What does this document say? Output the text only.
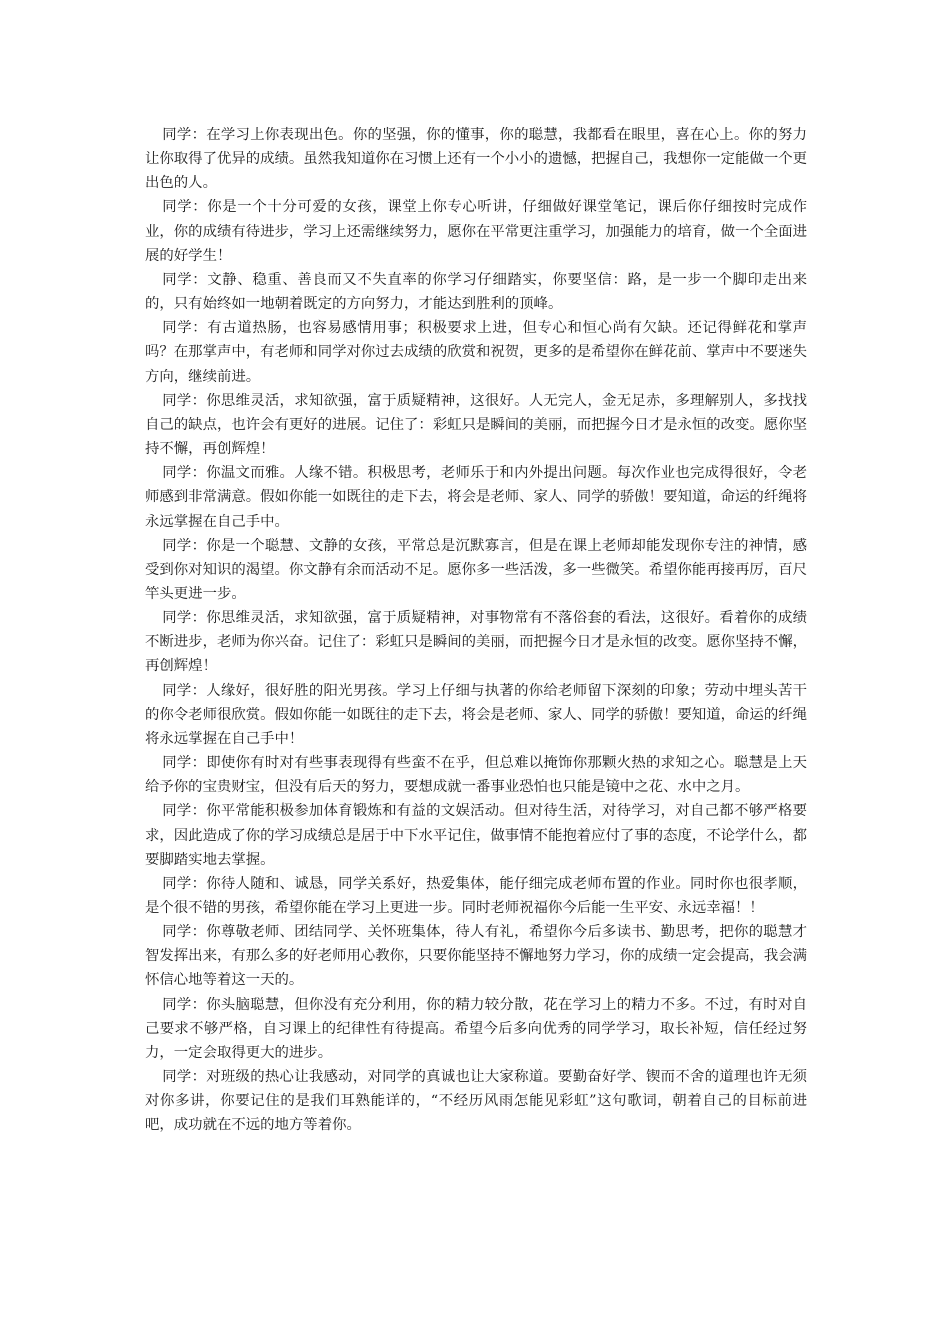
同学：在学习上你表现出色。你的坚强，你的懂事，你的聪慧，我都看在眼里，喜在心上。你的努力让你取得了优异的成绩。虽然我知道你在习惯上还有一个小小的遗憾，把握自己，我想你一定能做一个更出色的人。

同学：你是一个十分可爱的女孩，课堂上你专心听讲，仔细做好课堂笔记，课后你仔细按时完成作业，你的成绩有待进步，学习上还需继续努力，愿你在平常更注重学习，加强能力的培育，做一个全面进展的好学生！

同学：文静、稳重、善良而又不失直率的你学习仔细踏实，你要坚信：路，是一步一个脚印走出来的，只有始终如一地朝着既定的方向努力，才能达到胜利的顶峰。

同学：有古道热肠，也容易感情用事；积极要求上进，但专心和恒心尚有欠缺。还记得鲜花和掌声吗？在那掌声中，有老师和同学对你过去成绩的欣赏和祝贺，更多的是希望你在鲜花前、掌声中不要迷失方向，继续前进。

同学：你思维灵活，求知欲强，富于质疑精神，这很好。人无完人，金无足赤，多理解别人，多找找自己的缺点，也许会有更好的进展。记住了：彩虹只是瞬间的美丽，而把握今日才是永恒的改变。愿你坚持不懈，再创辉煌！

同学：你温文而雅。人缘不错。积极思考，老师乐于和内外提出问题。每次作业也完成得很好，令老师感到非常满意。假如你能一如既往的走下去，将会是老师、家人、同学的骄傲！要知道，命运的纤绳将永远掌握在自己手中。

同学：你是一个聪慧、文静的女孩，平常总是沉默寡言，但是在课上老师却能发现你专注的神情，感受到你对知识的渴望。你文静有余而活动不足。愿你多一些活泼，多一些微笑。希望你能再接再厉，百尺竿头更进一步。

同学：你思维灵活，求知欲强，富于质疑精神，对事物常有不落俗套的看法，这很好。看着你的成绩不断进步，老师为你兴奋。记住了：彩虹只是瞬间的美丽，而把握今日才是永恒的改变。愿你坚持不懈，再创辉煌！

同学：人缘好，很好胜的阳光男孩。学习上仔细与执著的你给老师留下深刻的印象；劳动中埋头苦干的你令老师很欣赏。假如你能一如既往的走下去，将会是老师、家人、同学的骄傲！要知道，命运的纤绳将永远掌握在自己手中！

同学：即使你有时对有些事表现得有些蛮不在乎，但总难以掩饰你那颗火热的求知之心。聪慧是上天给予你的宝贵财宝，但没有后天的努力，要想成就一番事业恐怕也只能是镜中之花、水中之月。

同学：你平常能积极参加体育锻炼和有益的文娱活动。但对待生活，对待学习，对自己都不够严格要求，因此造成了你的学习成绩总是居于中下水平记住，做事情不能抱着应付了事的态度，不论学什么，都要脚踏实地去掌握。

同学：你待人随和、诚恳，同学关系好，热爱集体，能仔细完成老师布置的作业。同时你也很孝顺，是个很不错的男孩，希望你能在学习上更进一步。同时老师祝福你今后能一生平安、永远幸福！！

同学：你尊敬老师、团结同学、关怀班集体，待人有礼，希望你今后多读书、勤思考，把你的聪慧才智发挥出来，有那么多的好老师用心教你，只要你能坚持不懈地努力学习，你的成绩一定会提高，我会满怀信心地等着这一天的。

同学：你头脑聪慧，但你没有充分利用，你的精力较分散，花在学习上的精力不多。不过，有时对自己要求不够严格，自习课上的纪律性有待提高。希望今后多向优秀的同学学习，取长补短，信任经过努力，一定会取得更大的进步。

同学：对班级的热心让我感动，对同学的真诚也让大家称道。要勤奋好学、锲而不舍的道理也许无须对你多讲，你要记住的是我们耳熟能详的，“不经历风雨怎能见彩虹”这句歌词，朝着自己的目标前进吧，成功就在不远的地方等着你。
